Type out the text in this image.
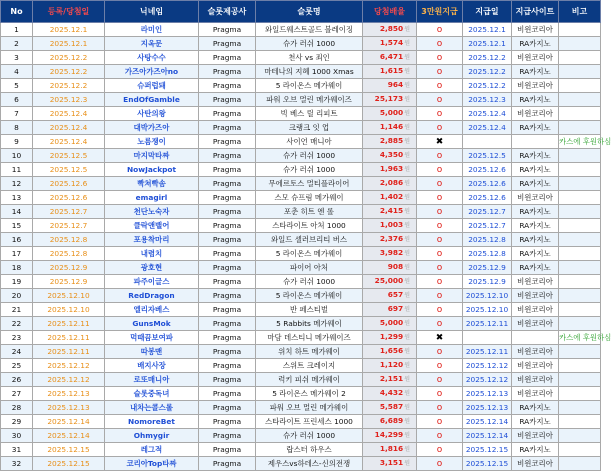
No	등록/당첨일	닉네임	슬롯제공사	슬롯명	당첨배율	3만원지급	지급일	지급사이트	비고
1	2025.12.1	라미인	Pragma	와일드웨스트골드 블레이징	2,850원	o	2025.12.1	비윈코리아	
2	2025.12.1	지옥문	Pragma	슈가 러쉬 1000	1,574원	o	2025.12.1	RA카지노	
3	2025.12.2	사탕수수	Pragma	천사 vs 죄인	6,471원	o	2025.12.2	비윈코리아	
4	2025.12.2	가즈아가즈아no	Pragma	마테나의 지혜 1000 Xmas	1,615원	o	2025.12.2	RA카지노	
5	2025.12.2	슈퍼럽돼	Pragma	5 라이온스 메가웨이	964원	o	2025.12.2	비윈코리아	
6	2025.12.3	EndOfGamble	Pragma	파워 오브 멀린 메가웨이즈	25,173원	o	2025.12.3	RA카지노	
7	2025.12.4	사탄의왕	Pragma	빅 베스 릴 리피트	5,000원	o	2025.12.4	비윈코리아	
8	2025.12.4	대박가즈아	Pragma	크랭크 잇 업	1,146원	o	2025.12.4	RA카지노	
9	2025.12.4	노름쟁이	Pragma	사이언 매니아	2,885원	✖			카스에 후원하심
10	2025.12.5	마지막타짜	Pragma	슈가 러쉬 1000	4,350원	o	2025.12.5	RA카지노	
11	2025.12.5	NowJackpot	Pragma	슈가 러쉬 1000	1,963원	o	2025.12.6	RA카지노	
12	2025.12.6	빡쳐빡솜	Pragma	무에르토스 멀티플라이어	2,086원	o	2025.12.6	RA카지노	
13	2025.12.6	emagirl	Pragma	스모 슈프림 메가웨이	1,402원	o	2025.12.6	비윈코리아	
14	2025.12.7	천단노숙자	Pragma	포춘 히트 엔 롤	2,415원	o	2025.12.7	RA카지노	
15	2025.12.7	클락앤밸어	Pragma	스타라이트 아처 1000	1,003원	o	2025.12.7	RA카지노	
16	2025.12.8	포용착마리	Pragma	와일드 셀러브리티 버스	2,376원	o	2025.12.8	RA카지노	
17	2025.12.8	내렴치	Pragma	5 라이온스 메가웨이	3,982원	o	2025.12.8	RA카지노	
18	2025.12.9	광호현	Pragma	파이어 아처	908원	o	2025.12.9	RA카지노	
19	2025.12.9	파주이글스	Pragma	슈가 러쉬 1000	25,000원	o	2025.12.9	비윈코리아	
20	2025.12.10	RedDragon	Pragma	5 라이온스 메가웨이	657원	o	2025.12.10	비윈코리아	
21	2025.12.10	엘리자베스	Pragma	반 페스티벌	697원	o	2025.12.10	비윈코리아	
22	2025.12.11	GunsMok	Pragma	5 Rabbits 메가웨이	5,000원	o	2025.12.11	비윈코리아	
23	2025.12.11	먹때끔보여파	Pragma	마담 데스티니 메가웨이즈	1,299원	✖			카스에 후원하심
24	2025.12.11	따봉맨	Pragma	위치 하트 메가웨이	1,656원	o	2025.12.11	비윈코리아	
25	2025.12.12	배지사장	Pragma	스위트 크레이지	1,120원	o	2025.12.12	비윈코리아	
26	2025.12.12	로또매니아	Pragma	럭키 피쉬 메가웨이	2,151원	o	2025.12.12	비윈코리아	
27	2025.12.13	슬롯중독녀	Pragma	5 라이온스 메가웨이 2	4,432원	o	2025.12.13	비윈코리아	
28	2025.12.13	내차는콜스롤	Pragma	파워 오브 멀린 메가웨이	5,587원	o	2025.12.13	RA카지노	
29	2025.12.14	NomoreBet	Pragma	스타라이트 프린세스 1000	6,689원	o	2025.12.14	RA카지노	
30	2025.12.14	Ohmygir	Pragma	슈가 러쉬 1000	14,299원	o	2025.12.14	비윈코리아	
31	2025.12.15	레그적	Pragma	랍스터 하우스	1,816원	o	2025.12.15	RA카지노	
32	2025.12.15	코리아Top타짜	Pragma	제우스vs하데스-신의전쟁	3,151원	o	2025.12.15	비윈코리아	
